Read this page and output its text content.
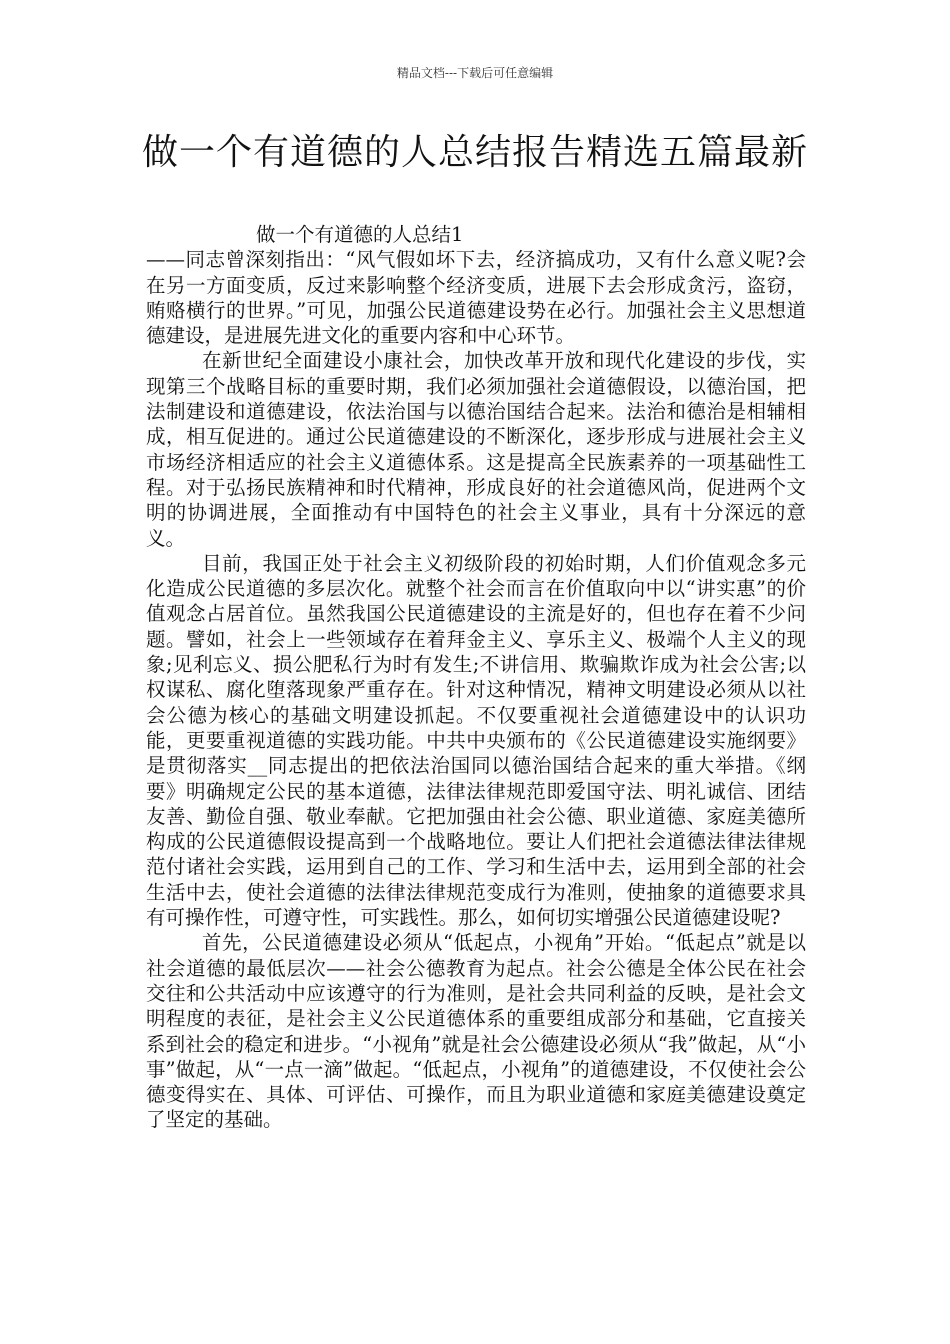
精品文档---下载后可任意编辑
做一个有道德的人总结报告精选五篇最新

做一个有道德的人总结1

——同志曾深刻指出：“风气假如坏下去，经济搞成功，又有什么意义呢?会在另一方面变质，反过来影响整个经济变质，进展下去会形成贪污，盗窃，贿赂横行的世界。”可见，加强公民道德建设势在必行。加强社会主义思想道德建设，是进展先进文化的重要内容和中心环节。

在新世纪全面建设小康社会，加快改革开放和现代化建设的步伐，实现第三个战略目标的重要时期，我们必须加强社会道德假设，以德治国，把法制建设和道德建设，依法治国与以德治国结合起来。法治和德治是相辅相成，相互促进的。通过公民道德建设的不断深化，逐步形成与进展社会主义市场经济相适应的社会主义道德体系。这是提高全民族素养的一项基础性工程。对于弘扬民族精神和时代精神，形成良好的社会道德风尚，促进两个文明的协调进展，全面推动有中国特色的社会主义事业，具有十分深远的意义。

目前，我国正处于社会主义初级阶段的初始时期，人们价值观念多元化造成公民道德的多层次化。就整个社会而言在价值取向中以“讲实惠”的价值观念占居首位。虽然我国公民道德建设的主流是好的，但也存在着不少问题。譬如，社会上一些领域存在着拜金主义、享乐主义、极端个人主义的现象;见利忘义、损公肥私行为时有发生;不讲信用、欺骗欺诈成为社会公害;以权谋私、腐化堕落现象严重存在。针对这种情况，精神文明建设必须从以社会公德为核心的基础文明建设抓起。不仅要重视社会道德建设中的认识功能，更要重视道德的实践功能。中共中央颁布的《公民道德建设实施纲要》是贯彻落实__同志提出的把依法治国同以德治国结合起来的重大举措。《纲要》明确规定公民的基本道德，法律法律规范即爱国守法、明礼诚信、团结友善、勤俭自强、敬业奉献。它把加强由社会公德、职业道德、家庭美德所构成的公民道德假设提高到一个战略地位。要让人们把社会道德法律法律规范付诸社会实践，运用到自己的工作、学习和生活中去，运用到全部的社会生活中去，使社会道德的法律法律规范变成行为准则，使抽象的道德要求具有可操作性，可遵守性，可实践性。那么，如何切实增强公民道德建设呢?

首先，公民道德建设必须从“低起点，小视角”开始。“低起点”就是以社会道德的最低层次——社会公德教育为起点。社会公德是全体公民在社会交往和公共活动中应该遵守的行为准则，是社会共同利益的反映，是社会文明程度的表征，是社会主义公民道德体系的重要组成部分和基础，它直接关系到社会的稳定和进步。“小视角”就是社会公德建设必须从“我”做起，从“小事”做起，从“一点一滴”做起。“低起点，小视角”的道德建设，不仅使社会公德变得实在、具体、可评估、可操作，而且为职业道德和家庭美德建设奠定了坚定的基础。
